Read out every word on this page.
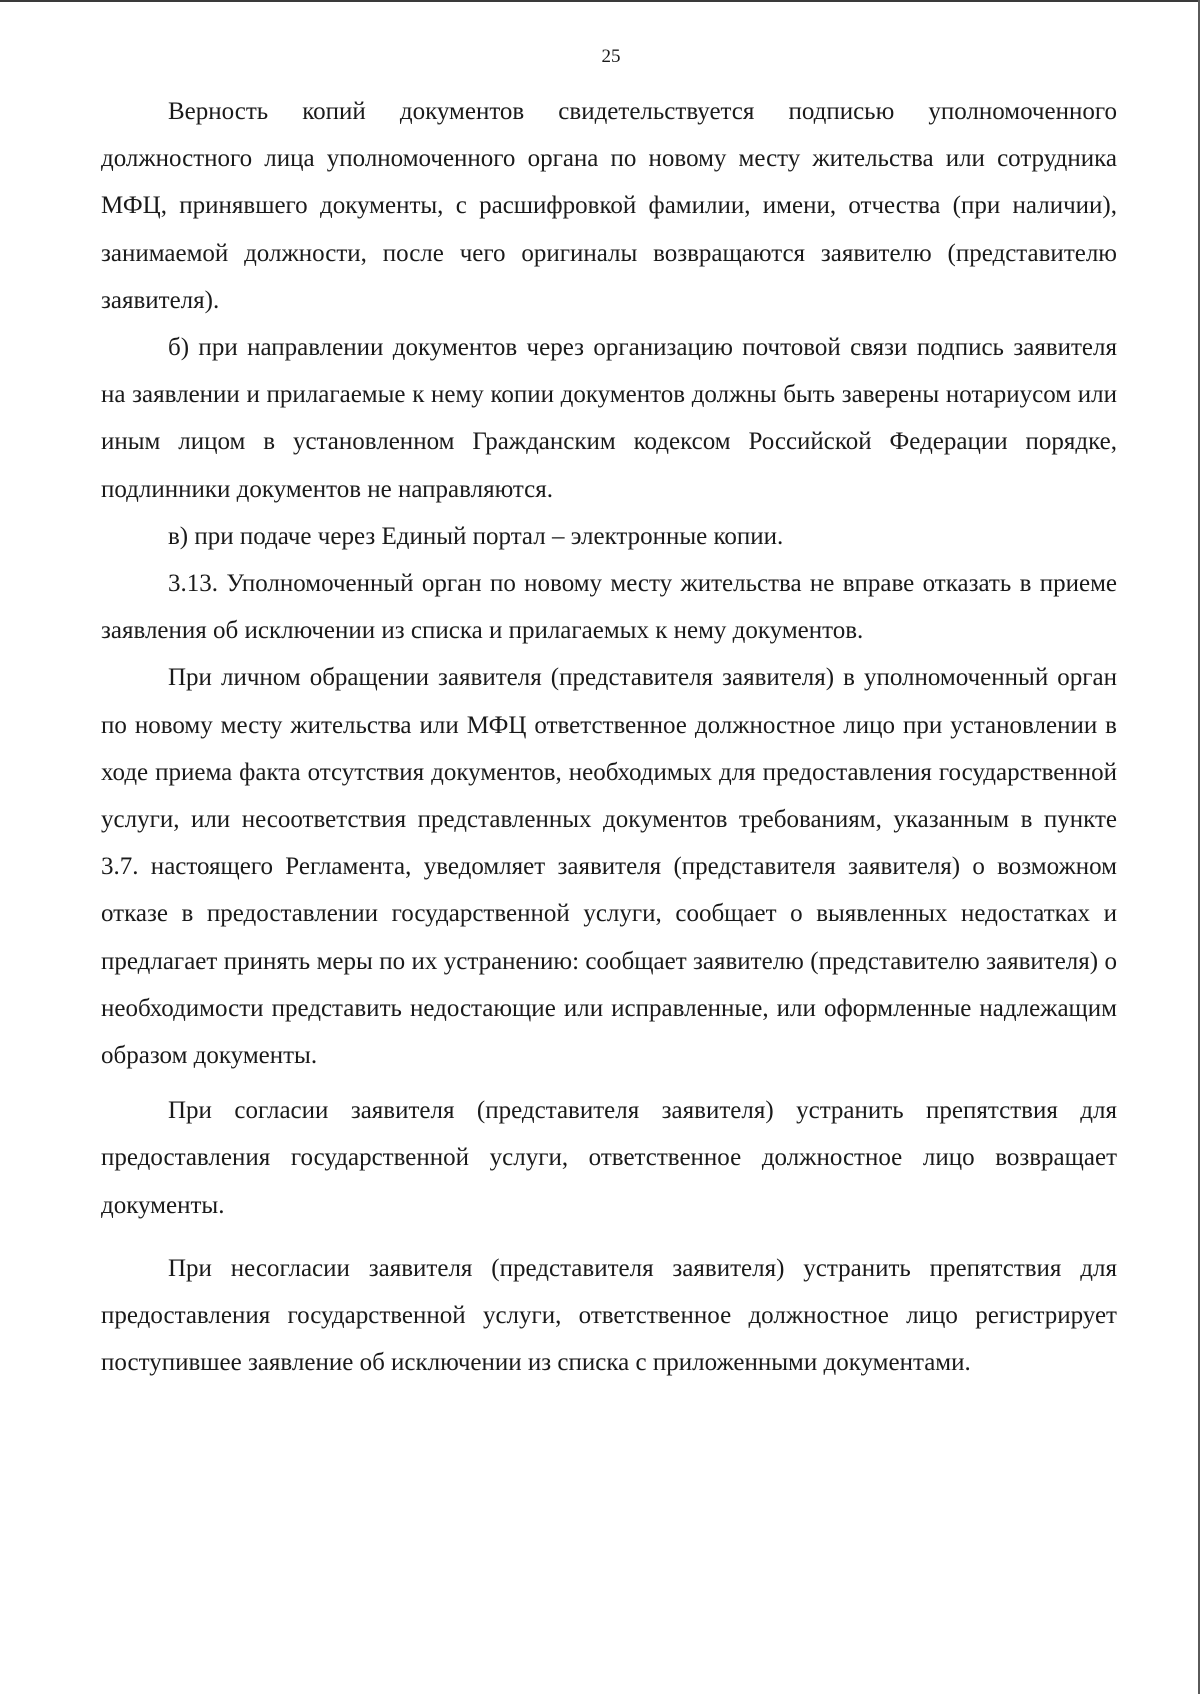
25

Верность копий документов свидетельствуется подписью уполномоченного должностного лица уполномоченного органа по новому месту жительства или сотрудника МФЦ, принявшего документы, с расшифровкой фамилии, имени, отчества (при наличии), занимаемой должности, после чего оригиналы возвращаются заявителю (представителю заявителя).

б) при направлении документов через организацию почтовой связи подпись заявителя на заявлении и прилагаемые к нему копии документов должны быть заверены нотариусом или иным лицом в установленном Гражданским кодексом Российской Федерации порядке, подлинники документов не направляются.

в) при подаче через Единый портал – электронные копии.

3.13. Уполномоченный орган по новому месту жительства не вправе отказать в приеме заявления об исключении из списка и прилагаемых к нему документов.

При личном обращении заявителя (представителя заявителя) в уполномоченный орган по новому месту жительства или МФЦ ответственное должностное лицо при установлении в ходе приема факта отсутствия документов, необходимых для предоставления государственной услуги, или несоответствия представленных документов требованиям, указанным в пункте 3.7. настоящего Регламента, уведомляет заявителя (представителя заявителя) о возможном отказе в предоставлении государственной услуги, сообщает о выявленных недостатках и предлагает принять меры по их устранению: сообщает заявителю (представителю заявителя) о необходимости представить недостающие или исправленные, или оформленные надлежащим образом документы.

При согласии заявителя (представителя заявителя) устранить препятствия для предоставления государственной услуги, ответственное должностное лицо возвращает документы.

При несогласии заявителя (представителя заявителя) устранить препятствия для предоставления государственной услуги, ответственное должностное лицо регистрирует поступившее заявление об исключении из списка с приложенными документами.
